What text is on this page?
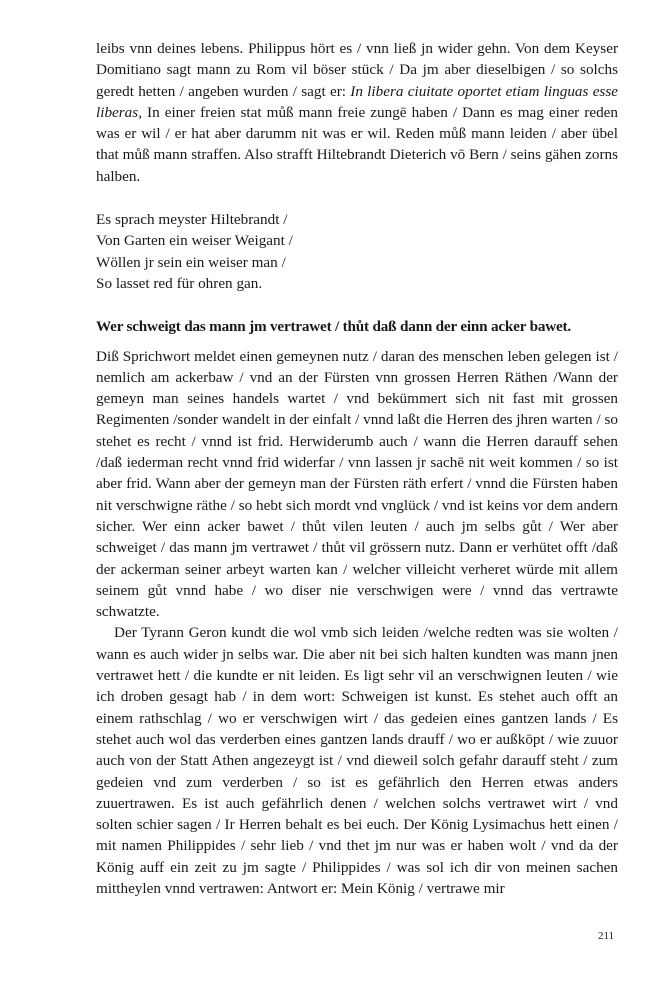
leibs vnn deines lebens. Philippus hört es / vnn ließ jn wider gehn. Von dem Keyser Domitiano sagt mann zu Rom vil böser stück / Da jm aber dieselbigen / so solchs geredt hetten / angeben wurden / sagt er: In libera ciuitate oportet etiam linguas esse liberas, In einer freien stat můß mann freie zungē haben / Dann es mag einer reden was er wil / er hat aber darumm nit was er wil. Reden můß mann leiden / aber übel that můß mann straffen. Also strafft Hiltebrandt Dieterich vō Bern / seins gähen zorns halben.

Es sprach meyster Hiltebrandt /
Von Garten ein weiser Weigant /
Wöllen jr sein ein weiser man /
So lasset red für ohren gan.

Wer schweigt das mann jm vertrawet / thůt daß dann der einn acker bawet.

Diß Sprichwort meldet einen gemeynen nutz / daran des menschen leben gelegen ist / nemlich am ackerbaw / vnd an der Fürsten vnn grossen Herren Räthen /Wann der gemeyn man seines handels wartet / vnd bekümmert sich nit fast mit grossen Regimenten /sonder wandelt in der einfalt / vnnd laßt die Herren des jhren warten / so stehet es recht / vnnd ist frid. Herwiderumb auch / wann die Herren darauff sehen /daß iederman recht vnnd frid widerfar / vnn lassen jr sachē nit weit kommen / so ist aber frid. Wann aber der gemeyn man der Fürsten räth erfert / vnnd die Fürsten haben nit verschwigne räthe / so hebt sich mordt vnd vnglück / vnd ist keins vor dem andern sicher. Wer einn acker bawet / thůt vilen leuten / auch jm selbs gůt / Wer aber schweiget / das mann jm vertrawet / thůt vil grössern nutz. Dann er verhütet offt /daß der ackerman seiner arbeyt warten kan / welcher villeicht verheret würde mit allem seinem gůt vnnd habe / wo diser nie verschwigen were / vnnd das vertrawte schwatzte.

Der Tyrann Geron kundt die wol vmb sich leiden /welche redten was sie wolten / wann es auch wider jn selbs war. Die aber nit bei sich halten kundten was mann jnen vertrawet hett / die kundte er nit leiden. Es ligt sehr vil an verschwignen leuten / wie ich droben gesagt hab / in dem wort: Schweigen ist kunst. Es stehet auch offt an einem rathschlag / wo er verschwigen wirt / das gedeien eines gantzen lands / Es stehet auch wol das verderben eines gantzen lands drauff / wo er außkōpt / wie zuuor auch von der Statt Athen angezeygt ist / vnd dieweil solch gefahr darauff steht / zum gedeien vnd zum verderben / so ist es gefährlich den Herren etwas anders zuuertrawen. Es ist auch gefährlich denen / welchen solchs vertrawet wirt / vnd solten schier sagen / Ir Herren behalt es bei euch. Der König Lysimachus hett einen / mit namen Philippides / sehr lieb / vnd thet jm nur was er haben wolt / vnd da der König auff ein zeit zu jm sagte / Philippides / was sol ich dir von meinen sachen mittheylen vnnd vertrawen: Antwort er: Mein König / vertrawe mir

211
